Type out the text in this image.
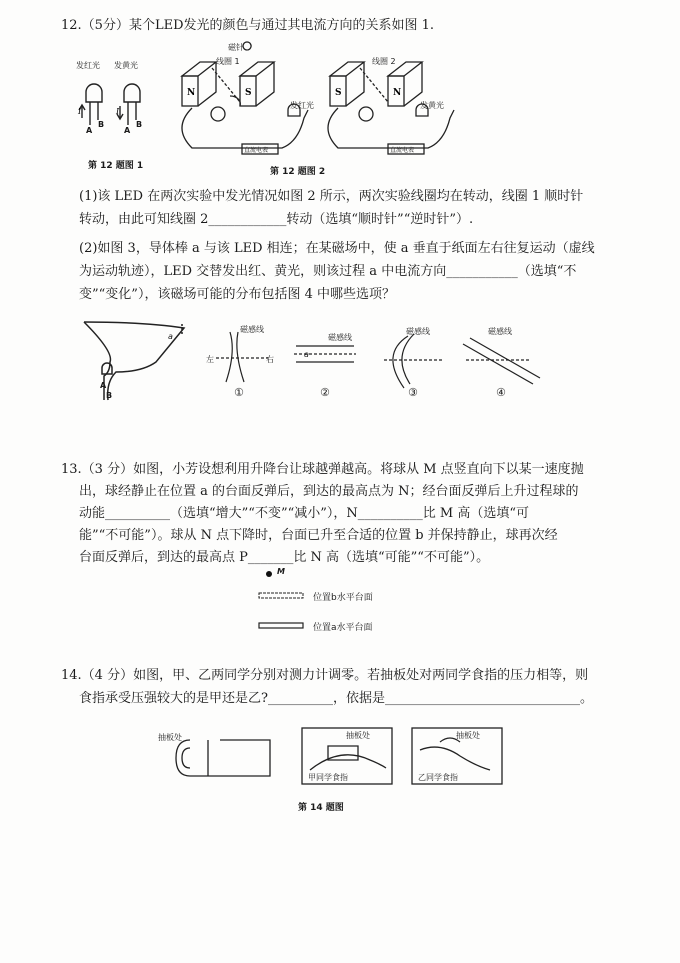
12.（5分）某个LED发光的颜色与通过其电流方向的关系如图 1.
发红光 发黄光
I	I
A
B
A
B
第 12 题图 1
N	S	S	N
磁针
线圈 1	线圈 2
发红光	发黄光
直流电表	直流电表
第 12 题图 2
(1)该 LED 在两次实验中发光情况如图 2 所示，两次实验线圈均在转动，线圈 1 顺时针
转动，由此可知线圈 2____________转动（选填“顺时针”“逆时针”）.
(2)如图 3，导体棒 a 与该 LED 相连；在某磁场中，使 a 垂直于纸面左右往复运动（虚线
为运动轨迹），LED 交替发出红、黄光，则该过程 a 中电流方向___________（选填“不
变”“变化”），该磁场可能的分布包括图 4 中哪些选项？
a
A
B
磁感线
左	右
磁感线
a
磁感线	磁感线
①	②	③	④
13.（3 分）如图，小芳设想利用升降台让球越弹越高。将球从 M 点竖直向下以某一速度抛
出，球经静止在位置 a 的台面反弹后，到达的最高点为 N；经台面反弹后上升过程球的
动能__________（选填“增大”“不变”“减小”），N__________比 M 高（选填“可
能”“不可能”）。球从 N 点下降时，台面已升至合适的位置 b 并保持静止，球再次经
台面反弹后，到达的最高点 P_______比 N 高（选填“可能”“不可能”）。
M
位置b水平台面
位置a水平台面
14.（4 分）如图，甲、乙两同学分别对测力计调零。若抽板处对两同学食指的压力相等，则
食指承受压强较大的是甲还是乙?__________，依据是______________________________。
抽板处	抽板处	抽板处
甲同学食指	乙同学食指
第 14 题图
